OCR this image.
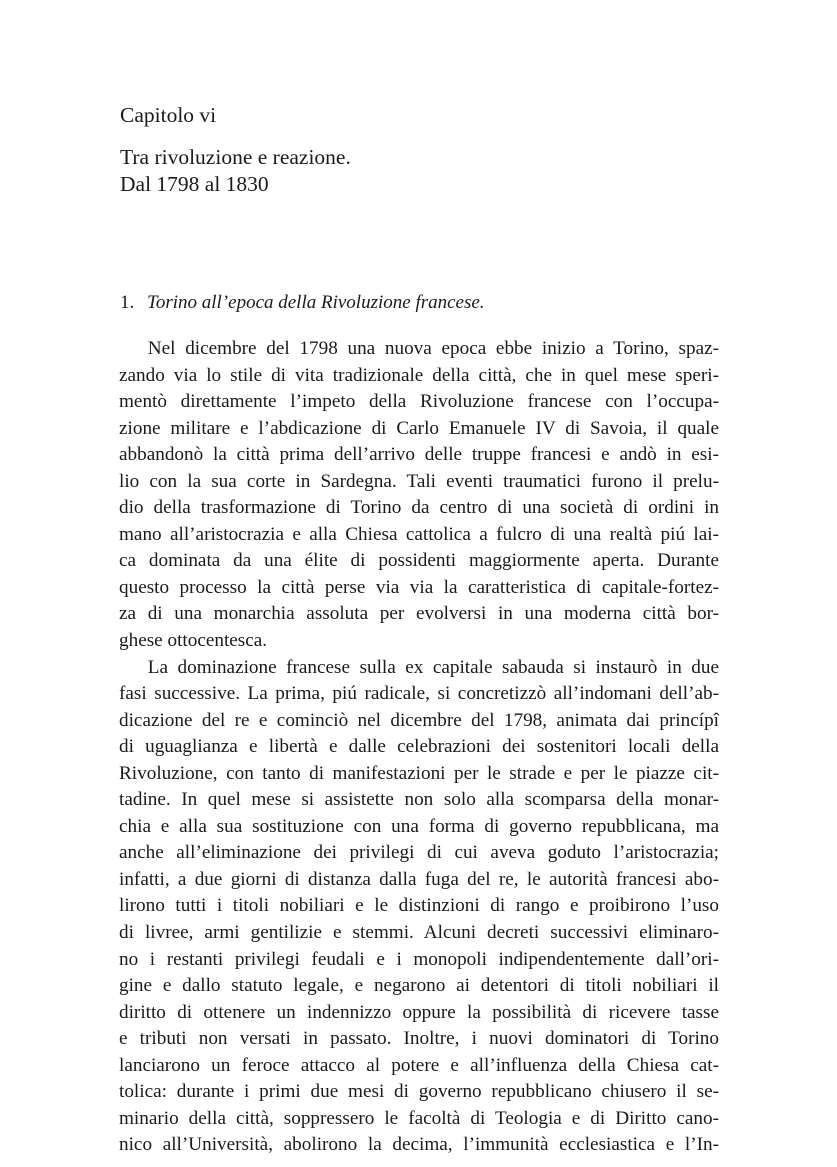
Capitolo vi
Tra rivoluzione e reazione.
Dal 1798 al 1830
1. Torino all’epoca della Rivoluzione francese.

  Nel dicembre del 1798 una nuova epoca ebbe inizio a Torino, spaz-
zando via lo stile di vita tradizionale della città, che in quel mese speri-
mentò direttamente l’impeto della Rivoluzione francese con l’occupa-
zione militare e l’abdicazione di Carlo Emanuele IV di Savoia, il quale
abbandonò la città prima dell’arrivo delle truppe francesi e andò in esi-
lio con la sua corte in Sardegna. Tali eventi traumatici furono il prelu-
dio della trasformazione di Torino da centro di una società di ordini in
mano all’aristocrazia e alla Chiesa cattolica a fulcro di una realtà piú lai-
ca dominata da una élite di possidenti maggiormente aperta. Durante
questo processo la città perse via via la caratteristica di capitale-fortez-
za di una monarchia assoluta per evolversi in una moderna città bor-
ghese ottocentesca.

  La dominazione francese sulla ex capitale sabauda si instaurò in due
fasi successive. La prima, piú radicale, si concretizzò all’indomani dell’ab-
dicazione del re e cominciò nel dicembre del 1798, animata dai princípî
di uguaglianza e libertà e dalle celebrazioni dei sostenitori locali della
Rivoluzione, con tanto di manifestazioni per le strade e per le piazze cit-
tadine. In quel mese si assistette non solo alla scomparsa della monar-
chia e alla sua sostituzione con una forma di governo repubblicana, ma
anche all’eliminazione dei privilegi di cui aveva goduto l’aristocrazia;
infatti, a due giorni di distanza dalla fuga del re, le autorità francesi abo-
lirono tutti i titoli nobiliari e le distinzioni di rango e proibirono l’uso
di livree, armi gentilizie e stemmi. Alcuni decreti successivi eliminaro-
no i restanti privilegi feudali e i monopoli indipendentemente dall’ori-
gine e dallo statuto legale, e negarono ai detentori di titoli nobiliari il
diritto di ottenere un indennizzo oppure la possibilità di ricevere tasse
e tributi non versati in passato. Inoltre, i nuovi dominatori di Torino
lanciarono un feroce attacco al potere e all’influenza della Chiesa cat-
tolica: durante i primi due mesi di governo repubblicano chiusero il se-
minario della città, soppressero le facoltà di Teologia e di Diritto cano-
nico all’Università, abolirono la decima, l’immunità ecclesiastica e l’In-
